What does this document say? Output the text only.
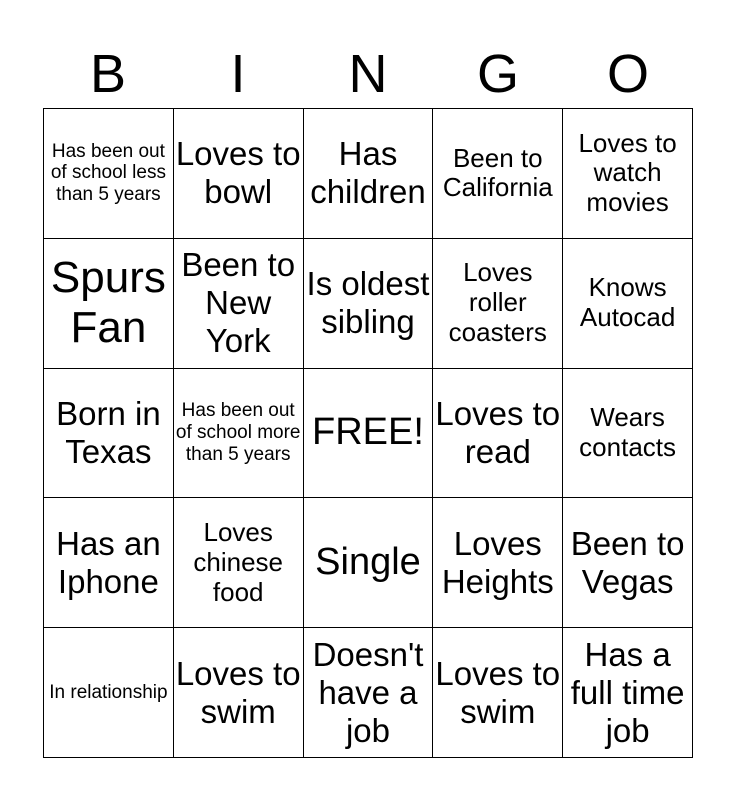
B	I	N	G	O
Has been out of school less than 5 years
Loves to bowl
Has children
Been to California
Loves to watch movies
Spurs Fan
Been to New York
Is oldest sibling
Loves roller coasters
Knows Autocad
Born in Texas
Has been out of school more than 5 years
FREE! Loves to read
Wears contacts
Has an Iphone
Loves chinese food
Single Loves Heights
Been to Vegas
In relationship
Loves to swim
Doesn't have a job
Loves to swim
Has a full time job
